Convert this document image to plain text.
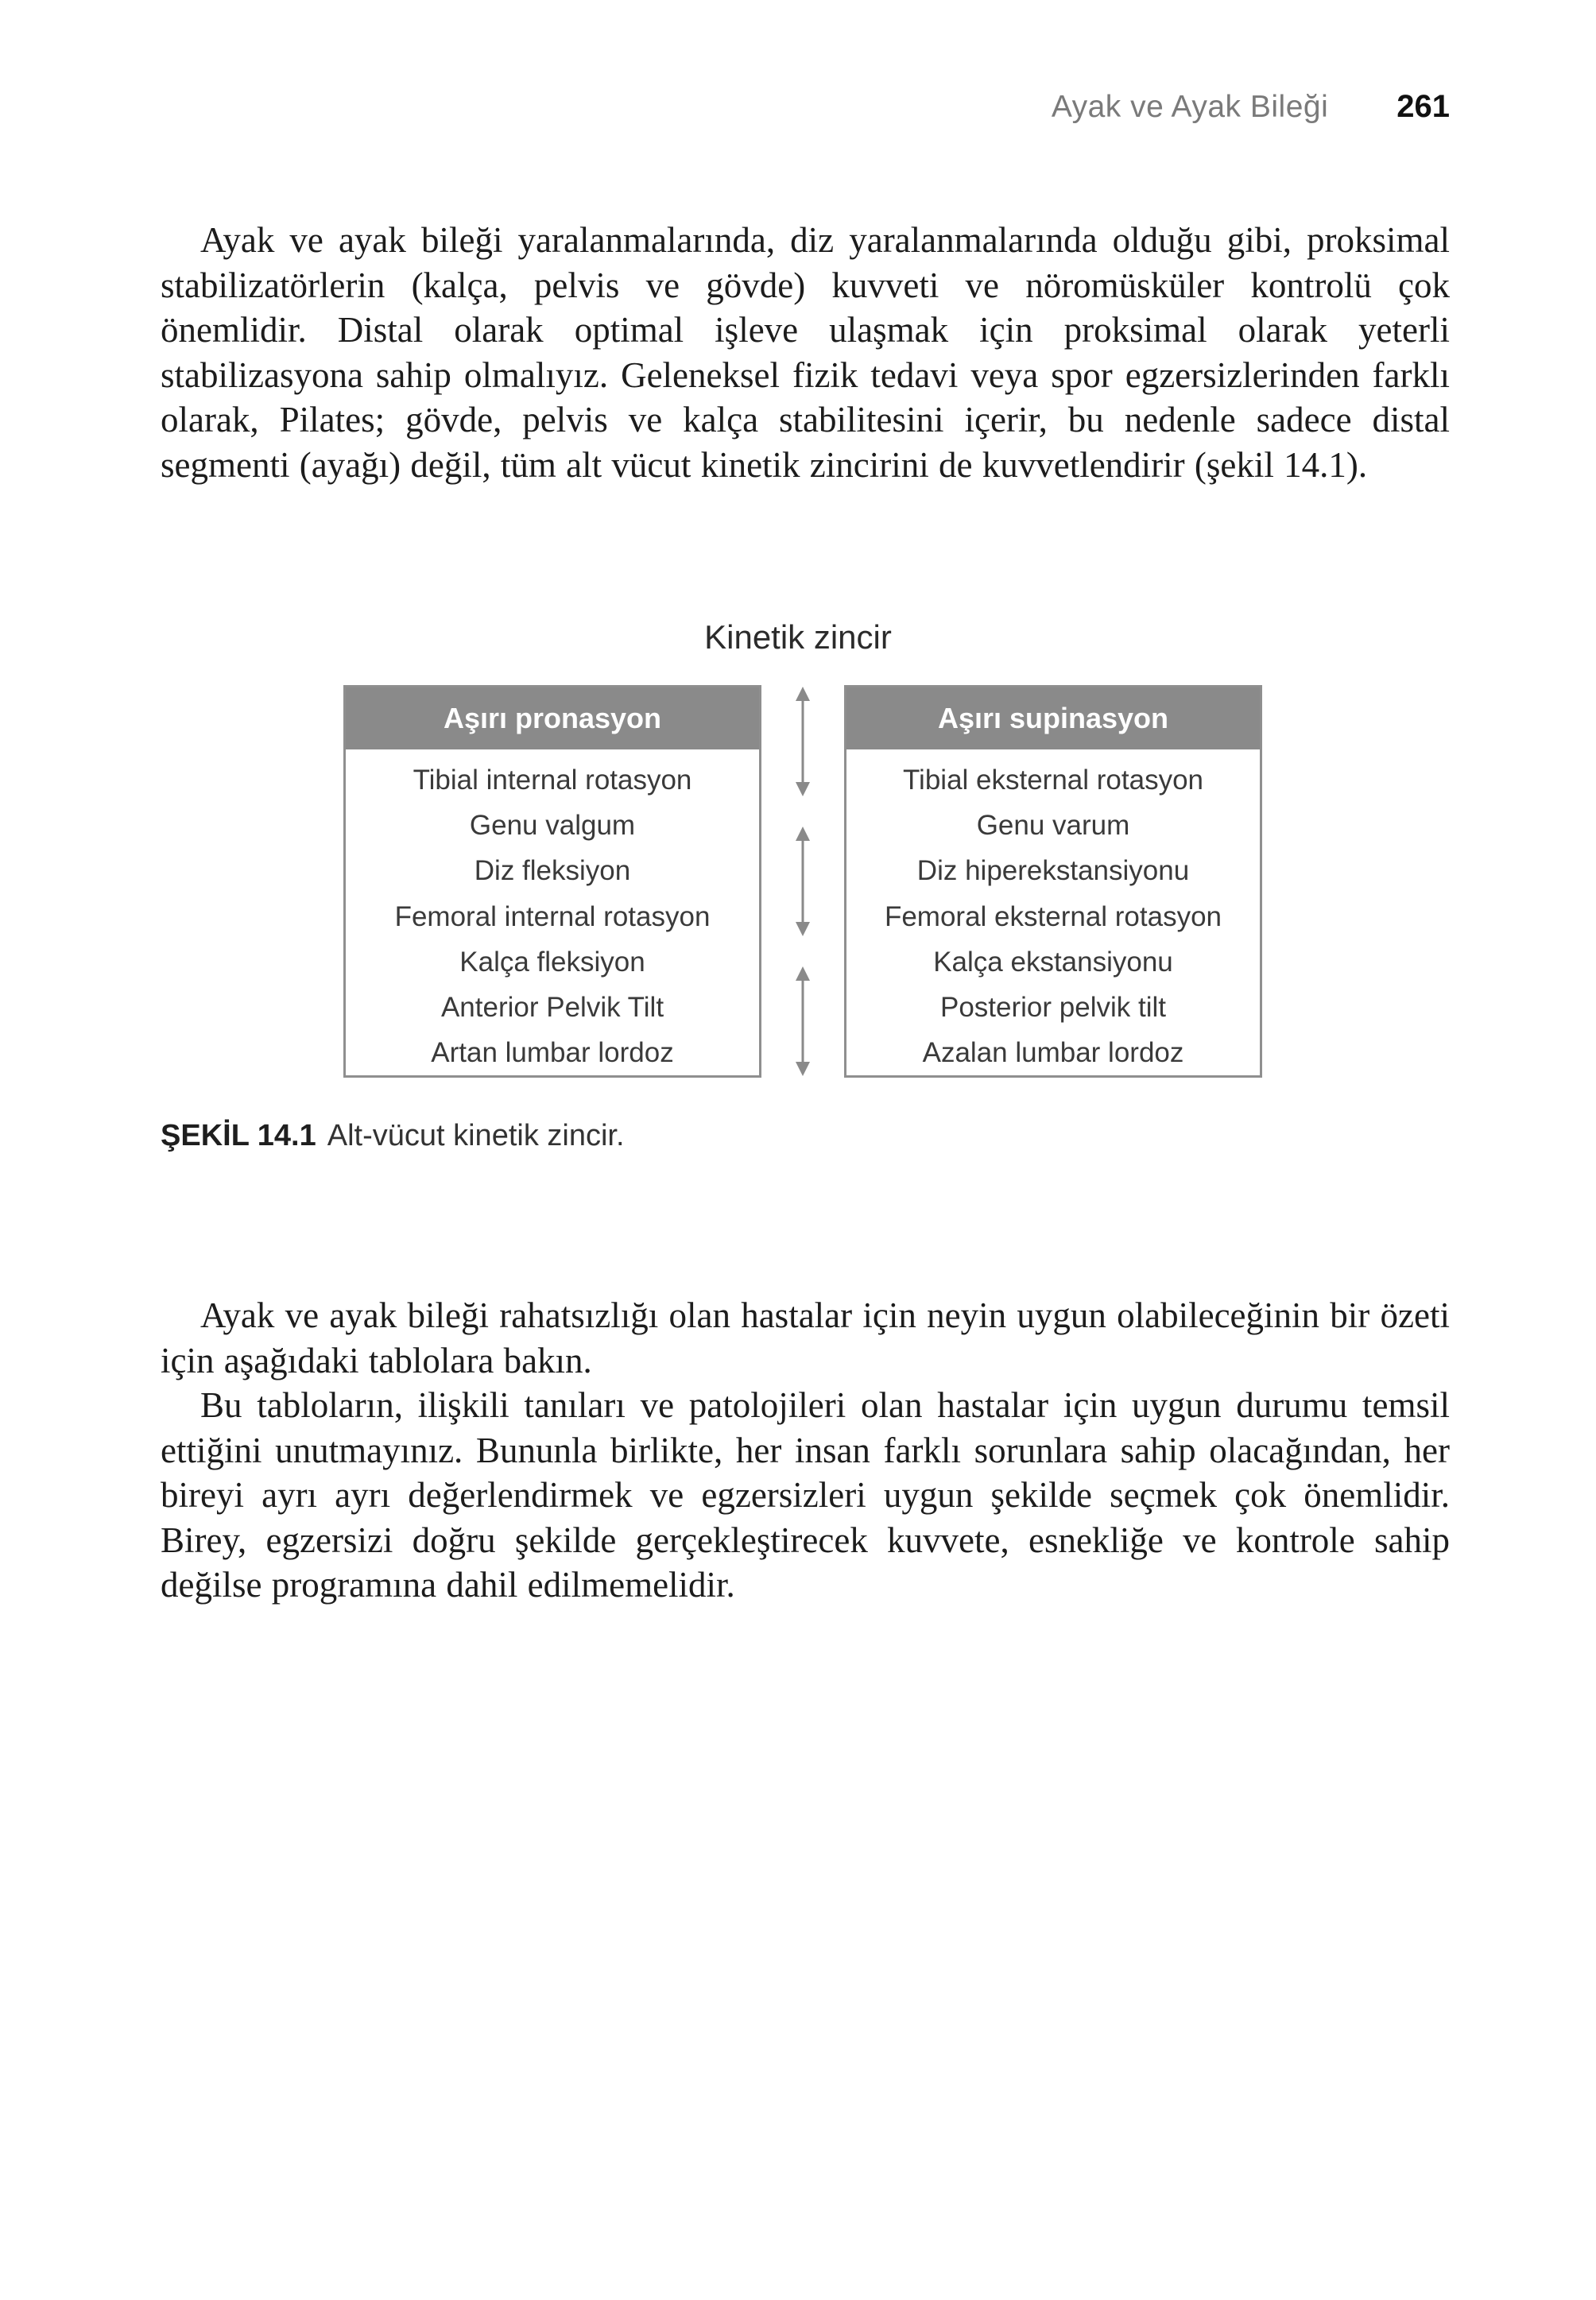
Ayak ve Ayak Bileği 261

Ayak ve ayak bileği yaralanmalarında, diz yaralanmalarında olduğu gibi, proksimal stabilizatörlerin (kalça, pelvis ve gövde) kuvveti ve nöromüsküler kontrolü çok önemlidir. Distal olarak optimal işleve ulaşmak için proksimal olarak yeterli stabilizasyona sahip olmalıyız. Geleneksel fizik tedavi veya spor egzersizlerinden farklı olarak, Pilates; gövde, pelvis ve kalça stabilitesini içerir, bu nedenle sadece distal segmenti (ayağı) değil, tüm alt vücut kinetik zincirini de kuvvetlendirir (şekil 14.1).

Kinetik zincir
Aşırı pronasyon
Tibial internal rotasyon
Genu valgum
Diz fleksiyon
Femoral internal rotasyon
Kalça fleksiyon
Anterior Pelvik Tilt
Artan lumbar lordoz
Aşırı supinasyon
Tibial eksternal rotasyon
Genu varum
Diz hiperekstansiyonu
Femoral eksternal rotasyon
Kalça ekstansiyonu
Posterior pelvik tilt
Azalan lumbar lordoz
ŞEKİL 14.1 Alt-vücut kinetik zincir.

Ayak ve ayak bileği rahatsızlığı olan hastalar için neyin uygun olabileceğinin bir özeti için aşağıdaki tablolara bakın.

Bu tabloların, ilişkili tanıları ve patolojileri olan hastalar için uygun durumu temsil ettiğini unutmayınız. Bununla birlikte, her insan farklı sorunlara sahip olacağından, her bireyi ayrı ayrı değerlendirmek ve egzersizleri uygun şekilde seçmek çok önemlidir. Birey, egzersizi doğru şekilde gerçekleştirecek kuvvete, esnekliğe ve kontrole sahip değilse programına dahil edilmemelidir.
